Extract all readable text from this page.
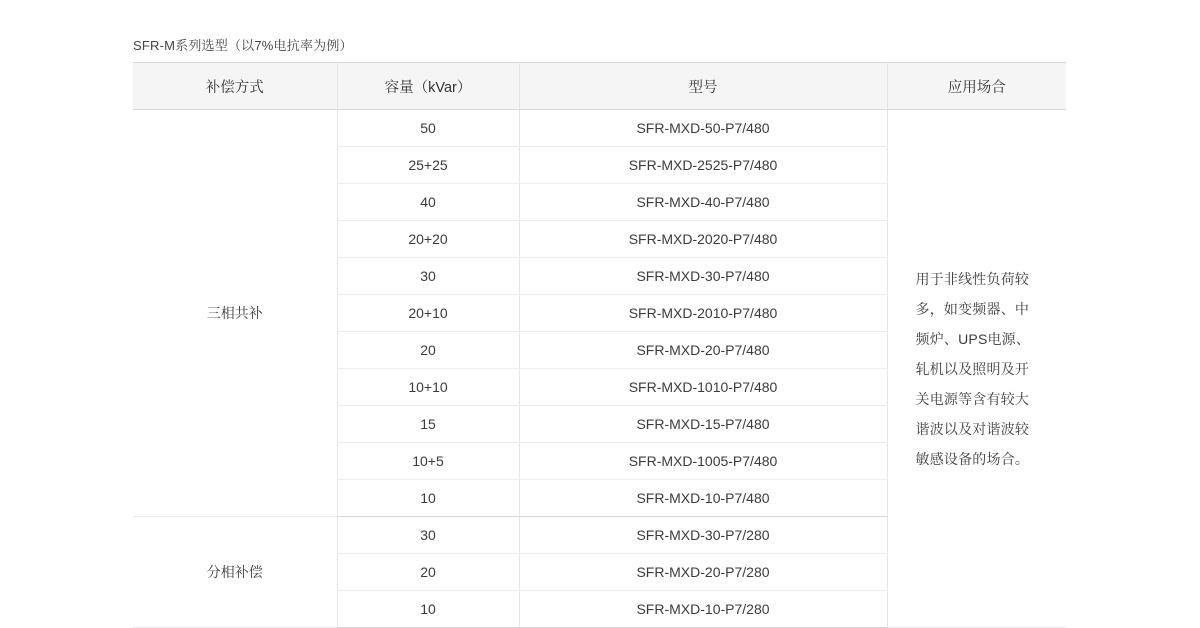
SFR-M系列选型（以7%电抗率为例）
补偿方式	容量（kVar）	型号	应用场合
三相共补	50	SFR-MXD-50-P7/480	用于非线性负荷较多，如变频器、中频炉、UPS电源、轧机以及照明及开关电源等含有较大谐波以及对谐波较敏感设备的场合。

	25+25	SFR-MXD-2525-P7/480	
	40	SFR-MXD-40-P7/480	
	20+20	SFR-MXD-2020-P7/480	
	30	SFR-MXD-30-P7/480	
	20+10	SFR-MXD-2010-P7/480	
	20	SFR-MXD-20-P7/480	
	10+10	SFR-MXD-1010-P7/480	
	15	SFR-MXD-15-P7/480	
	10+5	SFR-MXD-1005-P7/480	
	10	SFR-MXD-10-P7/480	
分相补偿	30	SFR-MXD-30-P7/280	
	20	SFR-MXD-20-P7/280	
	10	SFR-MXD-10-P7/280	
